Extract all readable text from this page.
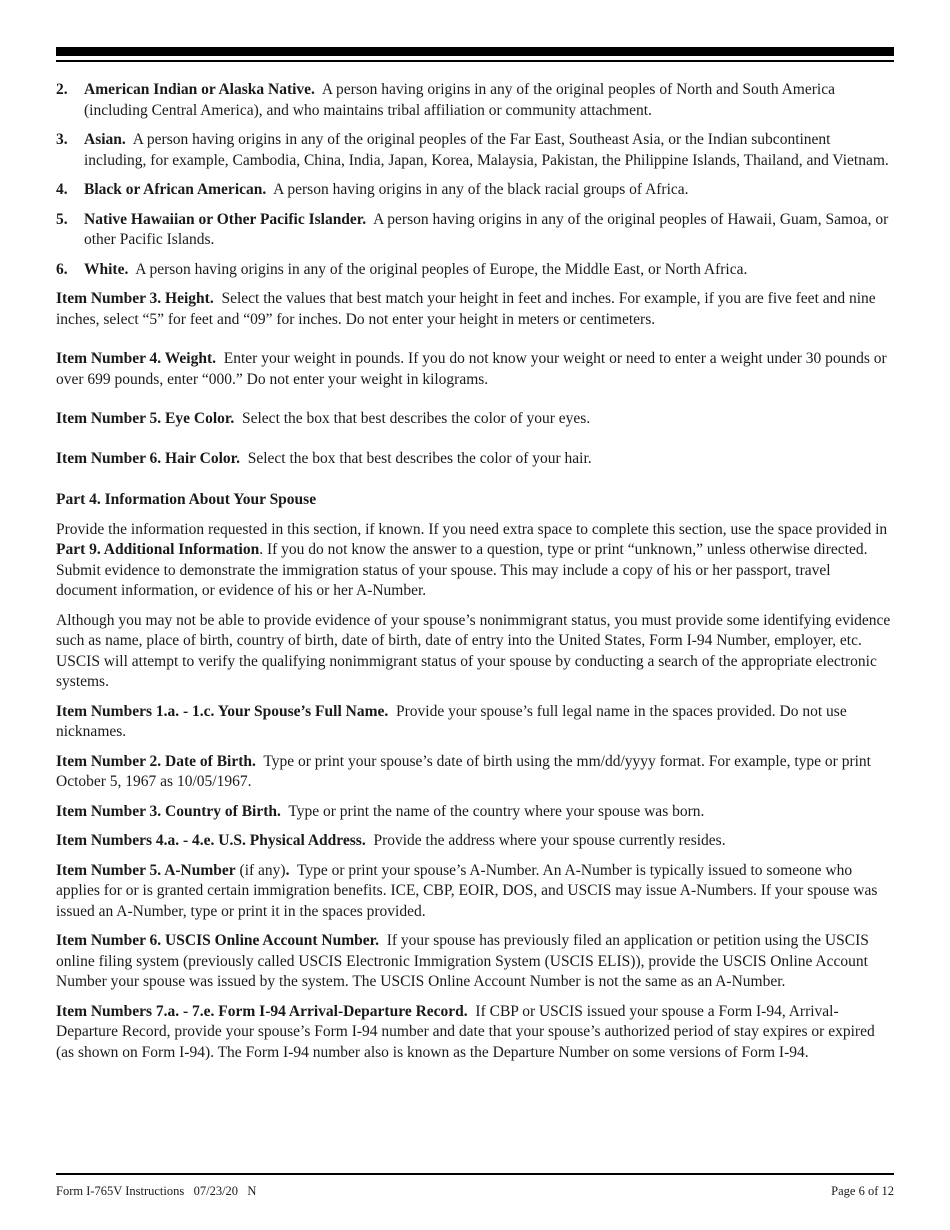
2. American Indian or Alaska Native. A person having origins in any of the original peoples of North and South America (including Central America), and who maintains tribal affiliation or community attachment.
3. Asian. A person having origins in any of the original peoples of the Far East, Southeast Asia, or the Indian subcontinent including, for example, Cambodia, China, India, Japan, Korea, Malaysia, Pakistan, the Philippine Islands, Thailand, and Vietnam.
4. Black or African American. A person having origins in any of the black racial groups of Africa.
5. Native Hawaiian or Other Pacific Islander. A person having origins in any of the original peoples of Hawaii, Guam, Samoa, or other Pacific Islands.
6. White. A person having origins in any of the original peoples of Europe, the Middle East, or North Africa.

Item Number 3. Height. Select the values that best match your height in feet and inches. For example, if you are five feet and nine inches, select “5” for feet and “09” for inches. Do not enter your height in meters or centimeters.

Item Number 4. Weight. Enter your weight in pounds. If you do not know your weight or need to enter a weight under 30 pounds or over 699 pounds, enter “000.” Do not enter your weight in kilograms.

Item Number 5. Eye Color. Select the box that best describes the color of your eyes.

Item Number 6. Hair Color. Select the box that best describes the color of your hair.

Part 4. Information About Your Spouse

Provide the information requested in this section, if known. If you need extra space to complete this section, use the space provided in Part 9. Additional Information. If you do not know the answer to a question, type or print “unknown,” unless otherwise directed. Submit evidence to demonstrate the immigration status of your spouse. This may include a copy of his or her passport, travel document information, or evidence of his or her A-Number.

Although you may not be able to provide evidence of your spouse’s nonimmigrant status, you must provide some identifying evidence such as name, place of birth, country of birth, date of birth, date of entry into the United States, Form I-94 Number, employer, etc. USCIS will attempt to verify the qualifying nonimmigrant status of your spouse by conducting a search of the appropriate electronic systems.

Item Numbers 1.a. - 1.c. Your Spouse’s Full Name. Provide your spouse’s full legal name in the spaces provided. Do not use nicknames.

Item Number 2. Date of Birth. Type or print your spouse’s date of birth using the mm/dd/yyyy format. For example, type or print October 5, 1967 as 10/05/1967.

Item Number 3. Country of Birth. Type or print the name of the country where your spouse was born.

Item Numbers 4.a. - 4.e. U.S. Physical Address. Provide the address where your spouse currently resides.

Item Number 5. A-Number (if any). Type or print your spouse’s A-Number. An A-Number is typically issued to someone who applies for or is granted certain immigration benefits. ICE, CBP, EOIR, DOS, and USCIS may issue A-Numbers. If your spouse was issued an A-Number, type or print it in the spaces provided.

Item Number 6. USCIS Online Account Number. If your spouse has previously filed an application or petition using the USCIS online filing system (previously called USCIS Electronic Immigration System (USCIS ELIS)), provide the USCIS Online Account Number your spouse was issued by the system. The USCIS Online Account Number is not the same as an A-Number.

Item Numbers 7.a. - 7.e. Form I-94 Arrival-Departure Record. If CBP or USCIS issued your spouse a Form I-94, Arrival-Departure Record, provide your spouse’s Form I-94 number and date that your spouse’s authorized period of stay expires or expired (as shown on Form I-94). The Form I-94 number also is known as the Departure Number on some versions of Form I-94.

Form I-765V Instructions   07/23/20   N	Page 6 of 12
